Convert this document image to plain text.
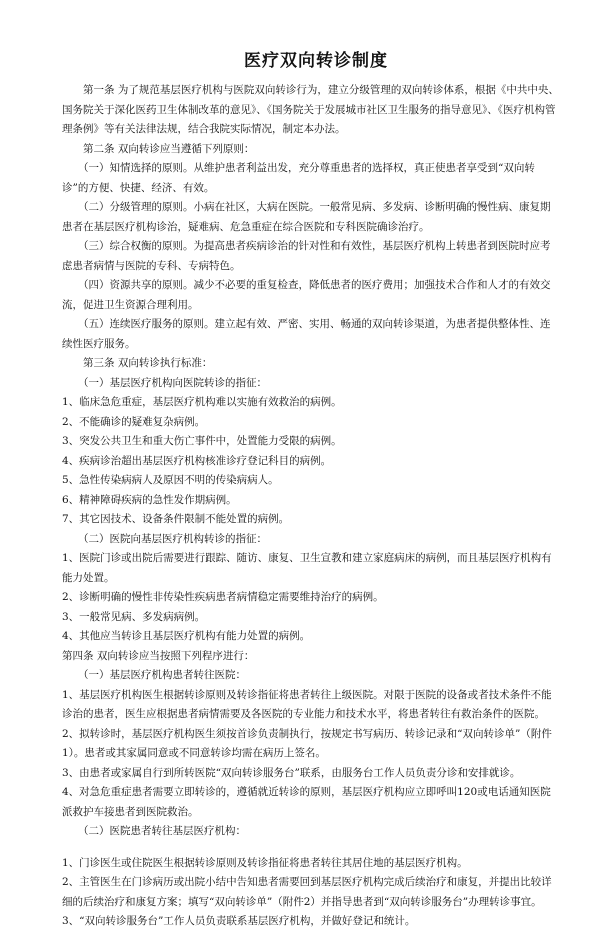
医疗双向转诊制度

第一条 为了规范基层医疗机构与医院双向转诊行为，建立分级管理的双向转诊体系，根据《中共中央、国务院关于深化医药卫生体制改革的意见》、《国务院关于发展城市社区卫生服务的指导意见》、《医疗机构管理条例》等有关法律法规，结合我院实际情况，制定本办法。

第二条 双向转诊应当遵循下列原则：

（一）知情选择的原则。从维护患者利益出发，充分尊重患者的选择权，真正使患者享受到“双向转诊”的方便、快捷、经济、有效。

（二）分级管理的原则。小病在社区，大病在医院。一般常见病、多发病、诊断明确的慢性病、康复期患者在基层医疗机构诊治，疑难病、危急重症在综合医院和专科医院确诊治疗。

（三）综合权衡的原则。为提高患者疾病诊治的针对性和有效性，基层医疗机构上转患者到医院时应考虑患者病情与医院的专科、专病特色。

（四）资源共享的原则。减少不必要的重复检查，降低患者的医疗费用；加强技术合作和人才的有效交流，促进卫生资源合理利用。

（五）连续医疗服务的原则。建立起有效、严密、实用、畅通的双向转诊渠道，为患者提供整体性、连续性医疗服务。

第三条 双向转诊执行标准：

（一）基层医疗机构向医院转诊的指征：

1、临床急危重症，基层医疗机构难以实施有效救治的病例。

2、不能确诊的疑难复杂病例。

3、突发公共卫生和重大伤亡事件中，处置能力受限的病例。

4、疾病诊治超出基层医疗机构核准诊疗登记科目的病例。

5、急性传染病病人及原因不明的传染病病人。

6、精神障碍疾病的急性发作期病例。

7、其它因技术、设备条件限制不能处置的病例。

（二）医院向基层医疗机构转诊的指征：

1、医院门诊或出院后需要进行跟踪、随访、康复、卫生宣教和建立家庭病床的病例，而且基层医疗机构有能力处置。

2、诊断明确的慢性非传染性疾病患者病情稳定需要维持治疗的病例。

3、一般常见病、多发病病例。

4、其他应当转诊且基层医疗机构有能力处置的病例。

第四条 双向转诊应当按照下列程序进行：

（一）基层医疗机构患者转往医院：

1、基层医疗机构医生根据转诊原则及转诊指征将患者转往上级医院。对限于医院的设备或者技术条件不能诊治的患者，医生应根据患者病情需要及各医院的专业能力和技术水平，将患者转往有救治条件的医院。

2、拟转诊时，基层医疗机构医生须按首诊负责制执行，按规定书写病历、转诊记录和“双向转诊单”（附件1）。患者或其家属同意或不同意转诊均需在病历上签名。

3、由患者或家属自行到所转医院“双向转诊服务台”联系，由服务台工作人员负责分诊和安排就诊。

4、对急危重症患者需要立即转诊的，遵循就近转诊的原则，基层医疗机构应立即呼叫120或电话通知医院派救护车接患者到医院救治。

（二）医院患者转往基层医疗机构：

1、门诊医生或住院医生根据转诊原则及转诊指征将患者转往其居住地的基层医疗机构。

2、主管医生在门诊病历或出院小结中告知患者需要回到基层医疗机构完成后续治疗和康复，并提出比较详细的后续治疗和康复方案；填写“双向转诊单”（附件2）并指导患者到“双向转诊服务台”办理转诊事宜。

3、“双向转诊服务台”工作人员负责联系基层医疗机构，并做好登记和统计。
